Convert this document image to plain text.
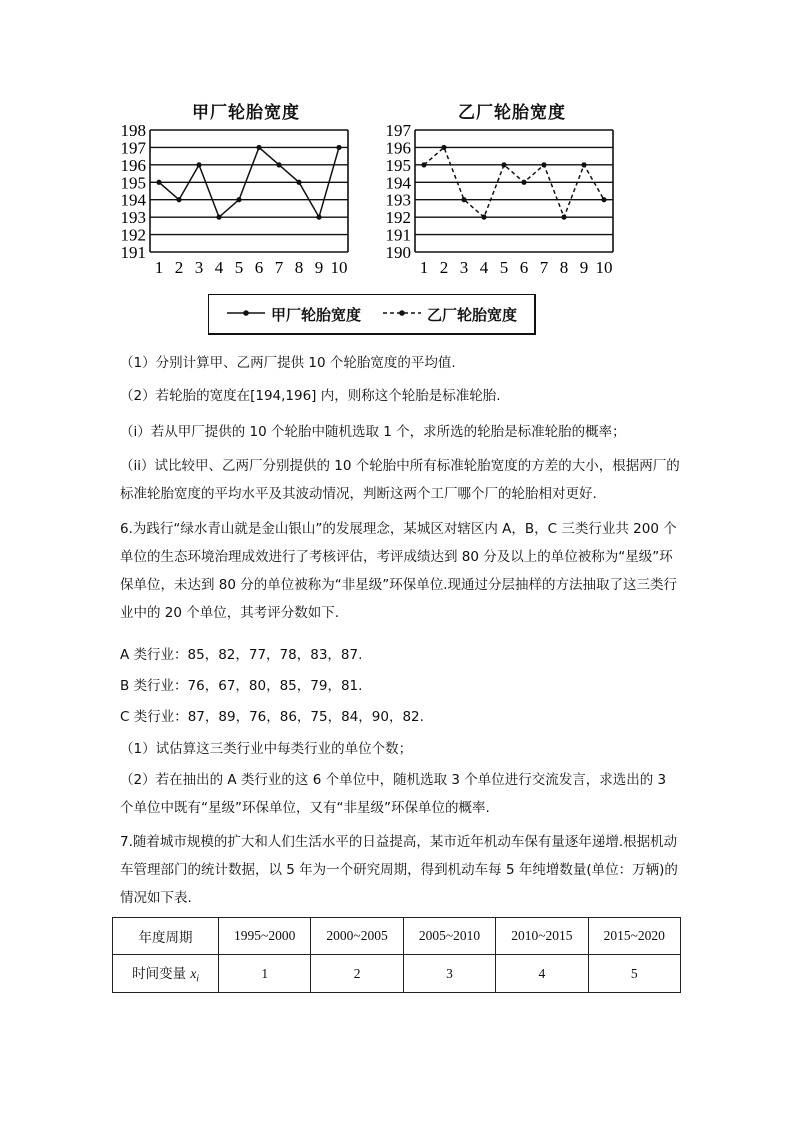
甲厂轮胎宽度	乙厂轮胎宽度
191
192
193
194
195
196
197
198
1 2 3 4 5 6 7 8 9 10
190
191
192
193
194
195
196
197
1 2 3 4 5 6 7 8 9 10
甲厂轮胎宽度	乙厂轮胎宽度
（1）分别计算甲、乙两厂提供 10 个轮胎宽度的平均值.
（2）若轮胎的宽度在[194,196] 内，则称这个轮胎是标准轮胎.
（i）若从甲厂提供的 10 个轮胎中随机选取 1 个，求所选的轮胎是标准轮胎的概率；
（ii）试比较甲、乙两厂分别提供的 10 个轮胎中所有标准轮胎宽度的方差的大小，根据两厂的标准轮胎宽度的平均水平及其波动情况，判断这两个工厂哪个厂的轮胎相对更好.
6.为践行“绿水青山就是金山银山”的发展理念，某城区对辖区内 A，B，C 三类行业共 200 个单位的生态环境治理成效进行了考核评估，考评成绩达到 80 分及以上的单位被称为“星级”环保单位，未达到 80 分的单位被称为“非星级”环保单位.现通过分层抽样的方法抽取了这三类行业中的 20 个单位，其考评分数如下.
A 类行业：85，82，77，78，83，87.
B 类行业：76，67，80，85，79，81.
C 类行业：87，89，76，86，75，84，90，82.
（1）试估算这三类行业中每类行业的单位个数；
（2）若在抽出的 A 类行业的这 6 个单位中，随机选取 3 个单位进行交流发言，求选出的 3 个单位中既有“星级”环保单位，又有“非星级”环保单位的概率.
7.随着城市规模的扩大和人们生活水平的日益提高，某市近年机动车保有量逐年递增.根据机动车管理部门的统计数据，以 5 年为一个研究周期，得到机动车每 5 年纯增数量(单位：万辆)的情况如下表.
年度周期	1995~2000	2000~2005	2005~2010	2010~2015	2015~2020
时间变量 $x_i$	1	2	3	4	5
